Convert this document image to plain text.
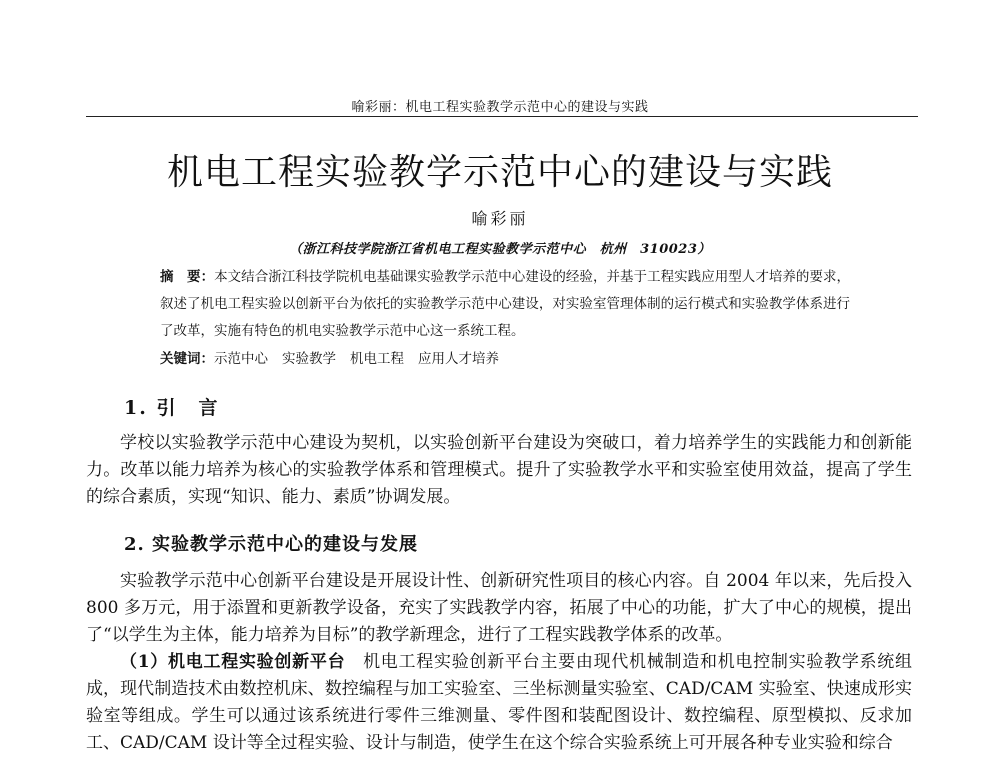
喻彩丽：机电工程实验教学示范中心的建设与实践
机电工程实验教学示范中心的建设与实践
喻彩丽
（浙江科技学院浙江省机电工程实验教学示范中心　杭州　310023）
摘　要：本文结合浙江科技学院机电基础课实验教学示范中心建设的经验，并基于工程实践应用型人才培养的要求，叙述了机电工程实验以创新平台为依托的实验教学示范中心建设，对实验室管理体制的运行模式和实验教学体系进行了改革，实施有特色的机电实验教学示范中心这一系统工程。
关键词：示范中心 实验教学 机电工程 应用人才培养
1. 引　言
学校以实验教学示范中心建设为契机，以实验创新平台建设为突破口，着力培养学生的实践能力和创新能力。改革以能力培养为核心的实验教学体系和管理模式。提升了实验教学水平和实验室使用效益，提高了学生的综合素质，实现“知识、能力、素质”协调发展。
2. 实验教学示范中心的建设与发展
实验教学示范中心创新平台建设是开展设计性、创新研究性项目的核心内容。自 2004 年以来，先后投入 800 多万元，用于添置和更新教学设备，充实了实践教学内容，拓展了中心的功能，扩大了中心的规模，提出了“以学生为主体，能力培养为目标”的教学新理念，进行了工程实践教学体系的改革。
（1）机电工程实验创新平台　机电工程实验创新平台主要由现代机械制造和机电控制实验教学系统组成，现代制造技术由数控机床、数控编程与加工实验室、三坐标测量实验室、CAD/CAM 实验室、快速成形实验室等组成。学生可以通过该系统进行零件三维测量、零件图和装配图设计、数控编程、原型模拟、反求加工、CAD/CAM 设计等全过程实验、设计与制造，使学生在这个综合实验系统上可开展各种专业实验和综合
